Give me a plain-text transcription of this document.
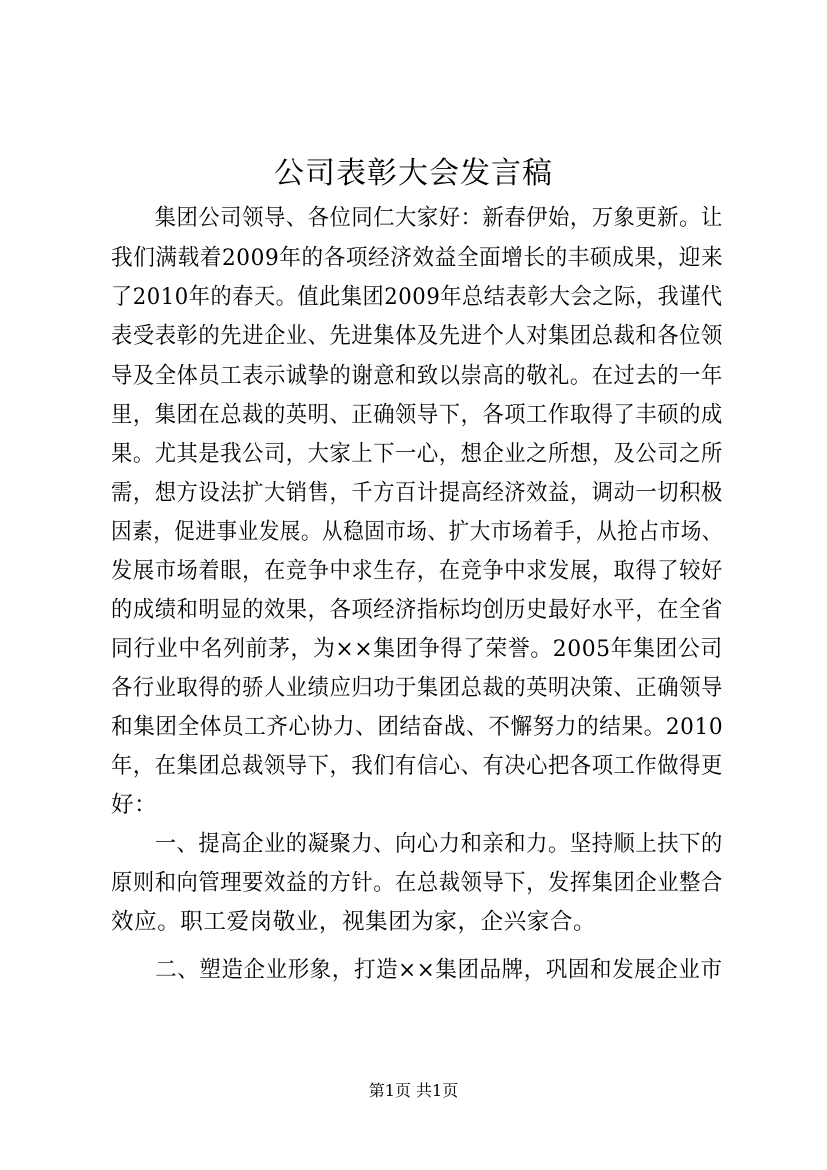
公司表彰大会发言稿
　　集团公司领导、各位同仁大家好：新春伊始，万象更新。让
我们满载着2009年的各项经济效益全面增长的丰硕成果，迎来
了2010年的春天。值此集团2009年总结表彰大会之际，我谨代
表受表彰的先进企业、先进集体及先进个人对集团总裁和各位领
导及全体员工表示诚挚的谢意和致以崇高的敬礼。在过去的一年
里，集团在总裁的英明、正确领导下，各项工作取得了丰硕的成
果。尤其是我公司，大家上下一心，想企业之所想，及公司之所
需，想方设法扩大销售，千方百计提高经济效益，调动一切积极
因素，促进事业发展。从稳固市场、扩大市场着手，从抢占市场、
发展市场着眼，在竞争中求生存，在竞争中求发展，取得了较好
的成绩和明显的效果，各项经济指标均创历史最好水平，在全省
同行业中名列前茅，为××集团争得了荣誉。2005年集团公司
各行业取得的骄人业绩应归功于集团总裁的英明决策、正确领导
和集团全体员工齐心协力、团结奋战、不懈努力的结果。2010
年，在集团总裁领导下，我们有信心、有决心把各项工作做得更
好：
　　一、提高企业的凝聚力、向心力和亲和力。坚持顺上扶下的
原则和向管理要效益的方针。在总裁领导下，发挥集团企业整合
效应。职工爱岗敬业，视集团为家，企兴家合。
　　二、塑造企业形象，打造××集团品牌，巩固和发展企业市
第1页 共1页
